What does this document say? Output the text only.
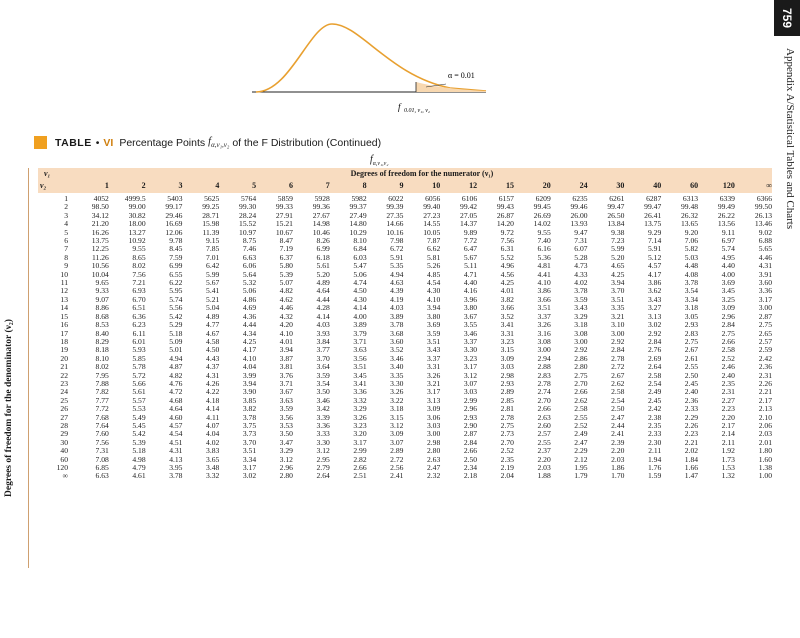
759
Appendix A/Statistical Tables and Charts
α = 0.01
f 0.01, ν₁, ν₂
TABLE • VI Percentage Points $f_{\alpha,\nu_1,\nu_2}$ of the F Distribution (Continued)
$f_{\alpha,\nu_1,\nu_2}$
Degrees of freedom for the denominator (ν₂)
ν₁	Degrees of freedom for the numerator (ν₁)																		
ν₂	1	2	3	4	5	6	7	8	9	10	12	15	20	24	30	40	60	120	∞
1	4052	4999.5	5403	5625	5764	5859	5928	5982	6022	6056	6106	6157	6209	6235	6261	6287	6313	6339	6366
2	98.50	99.00	99.17	99.25	99.30	99.33	99.36	99.37	99.39	99.40	99.42	99.43	99.45	99.46	99.47	99.47	99.48	99.49	99.50
3	34.12	30.82	29.46	28.71	28.24	27.91	27.67	27.49	27.35	27.23	27.05	26.87	26.69	26.00	26.50	26.41	26.32	26.22	26.13
4	21.20	18.00	16.69	15.98	15.52	15.21	14.98	14.80	14.66	14.55	14.37	14.20	14.02	13.93	13.84	13.75	13.65	13.56	13.46
5	16.26	13.27	12.06	11.39	10.97	10.67	10.46	10.29	10.16	10.05	9.89	9.72	9.55	9.47	9.38	9.29	9.20	9.11	9.02
6	13.75	10.92	9.78	9.15	8.75	8.47	8.26	8.10	7.98	7.87	7.72	7.56	7.40	7.31	7.23	7.14	7.06	6.97	6.88
7	12.25	9.55	8.45	7.85	7.46	7.19	6.99	6.84	6.72	6.62	6.47	6.31	6.16	6.07	5.99	5.91	5.82	5.74	5.65
8	11.26	8.65	7.59	7.01	6.63	6.37	6.18	6.03	5.91	5.81	5.67	5.52	5.36	5.28	5.20	5.12	5.03	4.95	4.46
9	10.56	8.02	6.99	6.42	6.06	5.80	5.61	5.47	5.35	5.26	5.11	4.96	4.81	4.73	4.65	4.57	4.48	4.40	4.31
10	10.04	7.56	6.55	5.99	5.64	5.39	5.20	5.06	4.94	4.85	4.71	4.56	4.41	4.33	4.25	4.17	4.08	4.00	3.91
11	9.65	7.21	6.22	5.67	5.32	5.07	4.89	4.74	4.63	4.54	4.40	4.25	4.10	4.02	3.94	3.86	3.78	3.69	3.60
12	9.33	6.93	5.95	5.41	5.06	4.82	4.64	4.50	4.39	4.30	4.16	4.01	3.86	3.78	3.70	3.62	3.54	3.45	3.36
13	9.07	6.70	5.74	5.21	4.86	4.62	4.44	4.30	4.19	4.10	3.96	3.82	3.66	3.59	3.51	3.43	3.34	3.25	3.17
14	8.86	6.51	5.56	5.04	4.69	4.46	4.28	4.14	4.03	3.94	3.80	3.66	3.51	3.43	3.35	3.27	3.18	3.09	3.00
15	8.68	6.36	5.42	4.89	4.36	4.32	4.14	4.00	3.89	3.80	3.67	3.52	3.37	3.29	3.21	3.13	3.05	2.96	2.87
16	8.53	6.23	5.29	4.77	4.44	4.20	4.03	3.89	3.78	3.69	3.55	3.41	3.26	3.18	3.10	3.02	2.93	2.84	2.75
17	8.40	6.11	5.18	4.67	4.34	4.10	3.93	3.79	3.68	3.59	3.46	3.31	3.16	3.08	3.00	2.92	2.83	2.75	2.65
18	8.29	6.01	5.09	4.58	4.25	4.01	3.84	3.71	3.60	3.51	3.37	3.23	3.08	3.00	2.92	2.84	2.75	2.66	2.57
19	8.18	5.93	5.01	4.50	4.17	3.94	3.77	3.63	3.52	3.43	3.30	3.15	3.00	2.92	2.84	2.76	2.67	2.58	2.59
20	8.10	5.85	4.94	4.43	4.10	3.87	3.70	3.56	3.46	3.37	3.23	3.09	2.94	2.86	2.78	2.69	2.61	2.52	2.42
21	8.02	5.78	4.87	4.37	4.04	3.81	3.64	3.51	3.40	3.31	3.17	3.03	2.88	2.80	2.72	2.64	2.55	2.46	2.36
22	7.95	5.72	4.82	4.31	3.99	3.76	3.59	3.45	3.35	3.26	3.12	2.98	2.83	2.75	2.67	2.58	2.50	2.40	2.31
23	7.88	5.66	4.76	4.26	3.94	3.71	3.54	3.41	3.30	3.21	3.07	2.93	2.78	2.70	2.62	2.54	2.45	2.35	2.26
24	7.82	5.61	4.72	4.22	3.90	3.67	3.50	3.36	3.26	3.17	3.03	2.89	2.74	2.66	2.58	2.49	2.40	2.31	2.21
25	7.77	5.57	4.68	4.18	3.85	3.63	3.46	3.32	3.22	3.13	2.99	2.85	2.70	2.62	2.54	2.45	2.36	2.27	2.17
26	7.72	5.53	4.64	4.14	3.82	3.59	3.42	3.29	3.18	3.09	2.96	2.81	2.66	2.58	2.50	2.42	2.33	2.23	2.13
27	7.68	5.49	4.60	4.11	3.78	3.56	3.39	3.26	3.15	3.06	2.93	2.78	2.63	2.55	2.47	2.38	2.29	2.20	2.10
28	7.64	5.45	4.57	4.07	3.75	3.53	3.36	3.23	3.12	3.03	2.90	2.75	2.60	2.52	2.44	2.35	2.26	2.17	2.06
29	7.60	5.42	4.54	4.04	3.73	3.50	3.33	3.20	3.09	3.00	2.87	2.73	2.57	2.49	2.41	2.33	2.23	2.14	2.03
30	7.56	5.39	4.51	4.02	3.70	3.47	3.30	3.17	3.07	2.98	2.84	2.70	2.55	2.47	2.39	2.30	2.21	2.11	2.01
40	7.31	5.18	4.31	3.83	3.51	3.29	3.12	2.99	2.89	2.80	2.66	2.52	2.37	2.29	2.20	2.11	2.02	1.92	1.80
60	7.08	4.98	4.13	3.65	3.34	3.12	2.95	2.82	2.72	2.63	2.50	2.35	2.20	2.12	2.03	1.94	1.84	1.73	1.60
120	6.85	4.79	3.95	3.48	3.17	2.96	2.79	2.66	2.56	2.47	2.34	2.19	2.03	1.95	1.86	1.76	1.66	1.53	1.38
∞	6.63	4.61	3.78	3.32	3.02	2.80	2.64	2.51	2.41	2.32	2.18	2.04	1.88	1.79	1.70	1.59	1.47	1.32	1.00
